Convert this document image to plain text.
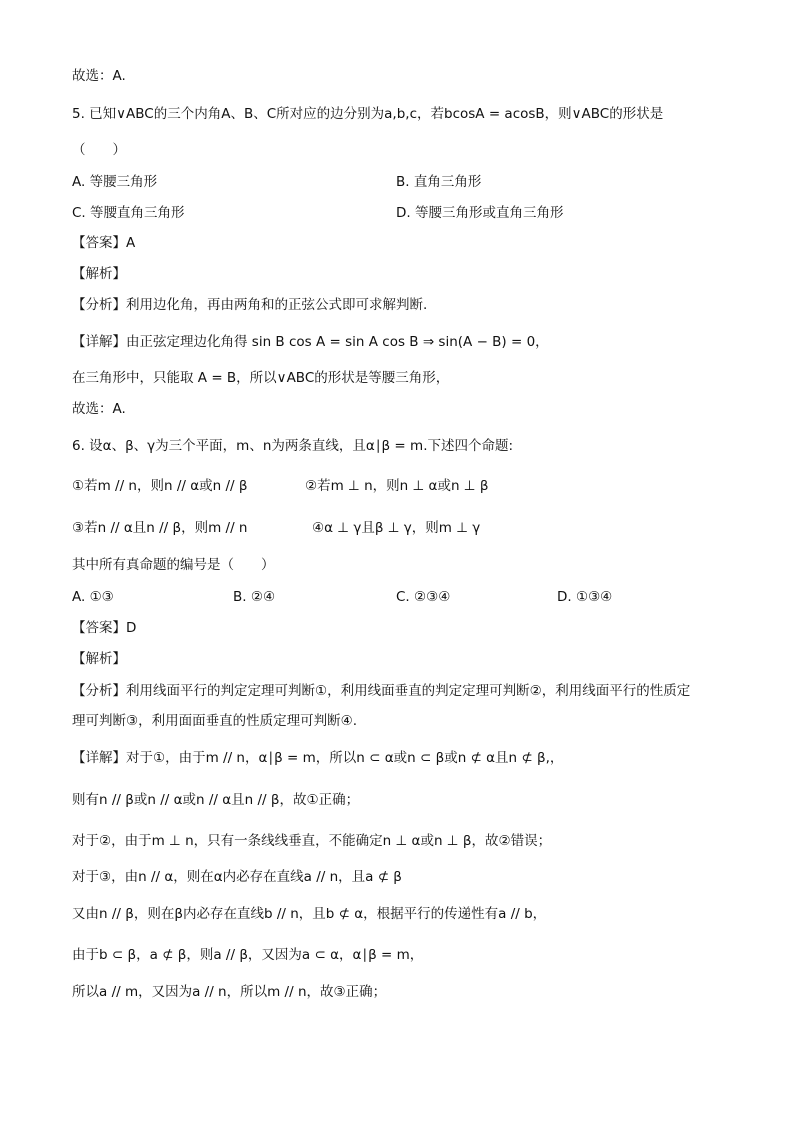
故选：A.
5. 已知∨ABC的三个内角A、B、C所对应的边分别为a,b,c，若bcosA = acosB，则∨ABC的形状是
（　　）
A. 等腰三角形	B. 直角三角形
C. 等腰直角三角形	D. 等腰三角形或直角三角形
【答案】A
【解析】
【分析】利用边化角，再由两角和的正弦公式即可求解判断.
【详解】由正弦定理边化角得 sin B cos A = sin A cos B ⇒ sin(A − B) = 0，
在三角形中，只能取 A = B，所以∨ABC的形状是等腰三角形，
故选：A.
6. 设α、β、γ为三个平面，m、n为两条直线，且α∣β = m.下述四个命题:
①若m // n，则n // α或n // β	②若m ⊥ n，则n ⊥ α或n ⊥ β
③若n // α且n // β，则m // n	④α ⊥ γ且β ⊥ γ，则m ⊥ γ
其中所有真命题的编号是（　　）
A. ①③	B. ②④	C. ②③④	D. ①③④
【答案】D
【解析】
【分析】利用线面平行的判定定理可判断①，利用线面垂直的判定定理可判断②，利用线面平行的性质定
理可判断③，利用面面垂直的性质定理可判断④.
【详解】对于①，由于m // n，α∣β = m，所以n ⊂ α或n ⊂ β或n ⊄ α且n ⊄ β,，
则有n // β或n // α或n // α且n // β，故①正确；
对于②，由于m ⊥ n，只有一条线线垂直，不能确定n ⊥ α或n ⊥ β，故②错误；
对于③，由n // α，则在α内必存在直线a // n，且a ⊄ β
又由n // β，则在β内必存在直线b // n，且b ⊄ α，根据平行的传递性有a // b，
由于b ⊂ β，a ⊄ β，则a // β，又因为a ⊂ α，α∣β = m，
所以a // m，又因为a // n，所以m // n，故③正确；
